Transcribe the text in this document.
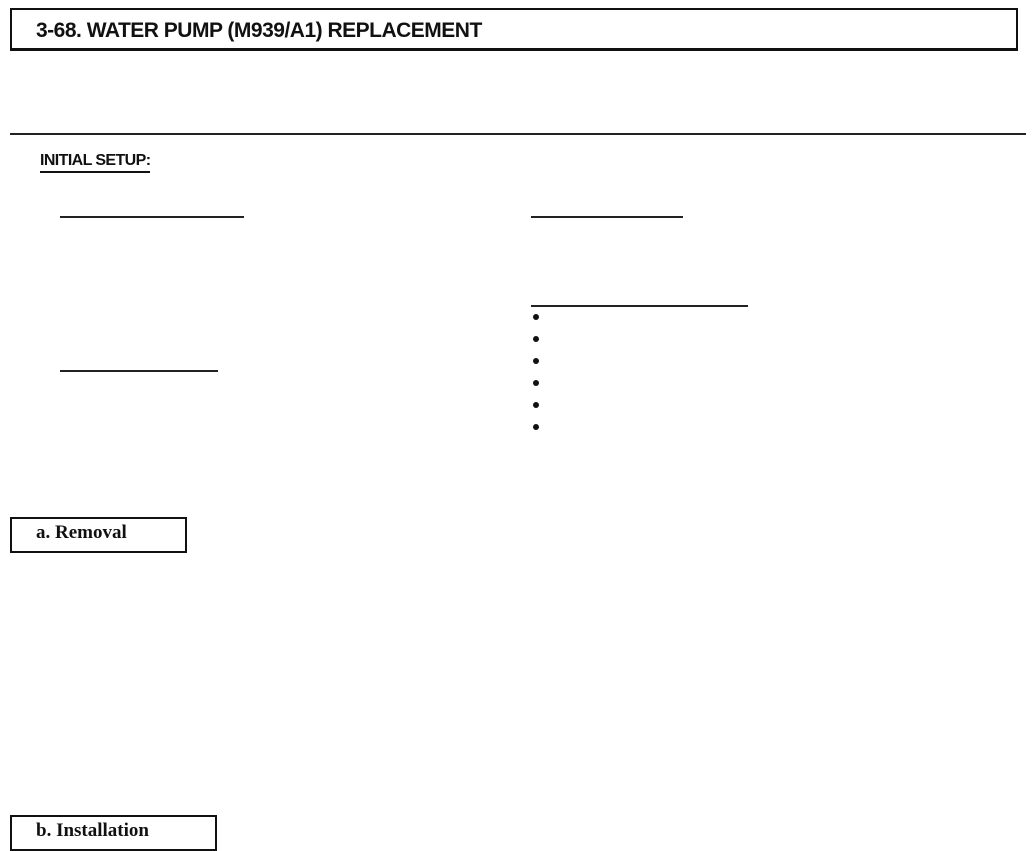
3-68. WATER PUMP (M939/A1) REPLACEMENT
INITIAL SETUP:
a. Removal
b. Installation
